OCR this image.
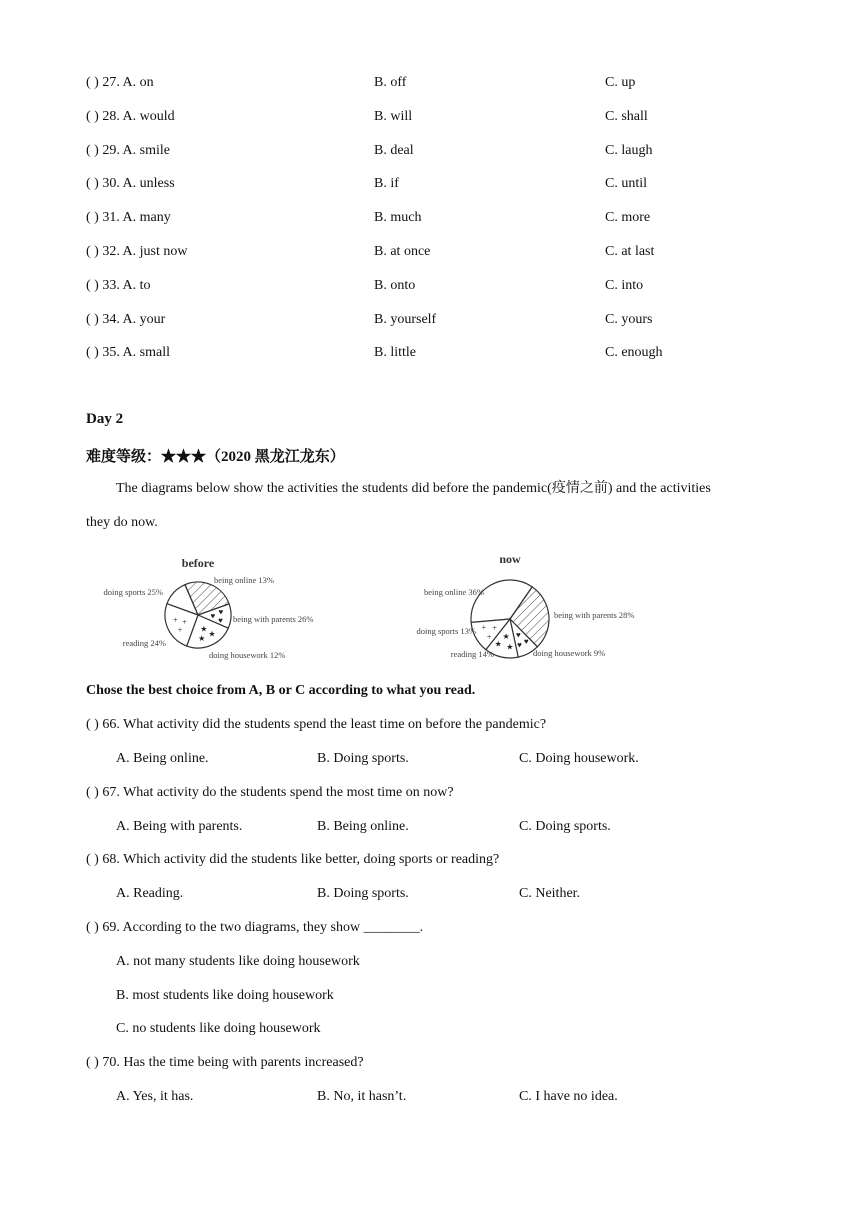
( ) 27. A. on	B. off	C. up
( ) 28. A. would	B. will	C. shall
( ) 29. A. smile	B. deal	C. laugh
( ) 30. A. unless	B. if	C. until
( ) 31. A. many	B. much	C. more
( ) 32. A. just now	B. at once	C. at last
( ) 33. A. to	B. onto	C. into
( ) 34. A. your	B. yourself	C. yours
( ) 35. A. small	B. little	C. enough
Day 2
难度等级：★★★（2020 黑龙江龙东）
The diagrams below show the activities the students did before the pandemic(疫情之前) and the activities
they do now.
before
♥ ♥
♥
★
★
★
+
+
+
being online 13%
being with parents 26%
doing housework 12%
reading 24%
doing sports 25%
now
♥
♥
♥
★
★
★
+
+
+
being online 36%
being with parents 28%
doing housework 9%
reading 14%
doing sports 13%
Chose the best choice from A, B or C according to what you read.
( ) 66. What activity did the students spend the least time on before the pandemic?
A. Being online.	B. Doing sports.	C. Doing housework.
( ) 67. What activity do the students spend the most time on now?
A. Being with parents.	B. Being online.	C. Doing sports.
( ) 68. Which activity did the students like better, doing sports or reading?
A. Reading.	B. Doing sports.	C. Neither.
( ) 69. According to the two diagrams, they show ________.
A. not many students like doing housework
B. most students like doing housework
C. no students like doing housework
( ) 70. Has the time being with parents increased?
A. Yes, it has.	B. No, it hasn’t.	C. I have no idea.
